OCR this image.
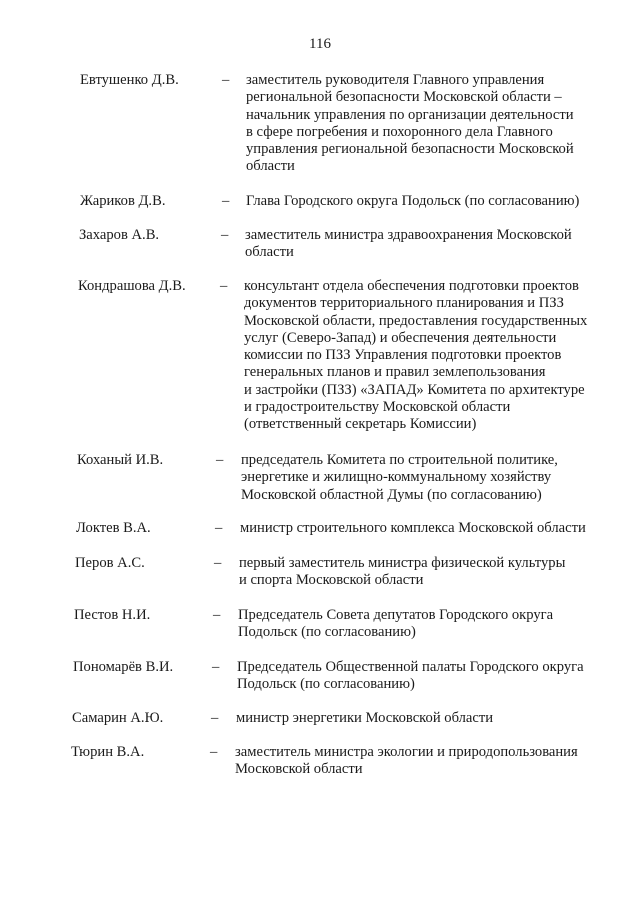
116
Евтушенко Д.В.	– заместитель руководителя Главного управления
региональной безопасности Московской области –
начальник управления по организации деятельности
в сфере погребения и похоронного дела Главного
управления региональной безопасности Московской
области
Жариков Д.В.	– Глава Городского округа Подольск (по согласованию)
Захаров А.В.	– заместитель министра здравоохранения Московской
области
Кондрашова Д.В. – консультант отдела обеспечения подготовки проектов
документов территориального планирования и ПЗЗ
Московской области, предоставления государственных
услуг (Северо-Запад) и обеспечения деятельности
комиссии по ПЗЗ Управления подготовки проектов
генеральных планов и правил землепользования
и застройки (ПЗЗ) «ЗАПАД» Комитета по архитектуре
и градостроительству Московской области
(ответственный секретарь Комиссии)
Коханый И.В.	– председатель Комитета по строительной политике,
энергетике и жилищно-коммунальному хозяйству
Московской областной Думы (по согласованию)
Локтев В.А.	– министр строительного комплекса Московской области
Перов А.С.	– первый заместитель министра физической культуры
и спорта Московской области
Пестов Н.И.	– Председатель Совета депутатов Городского округа
Подольск (по согласованию)
Пономарёв В.И.	– Председатель Общественной палаты Городского округа
Подольск (по согласованию)
Самарин А.Ю.	– министр энергетики Московской области
Тюрин В.А.	– заместитель министра экологии и природопользования
Московской области
